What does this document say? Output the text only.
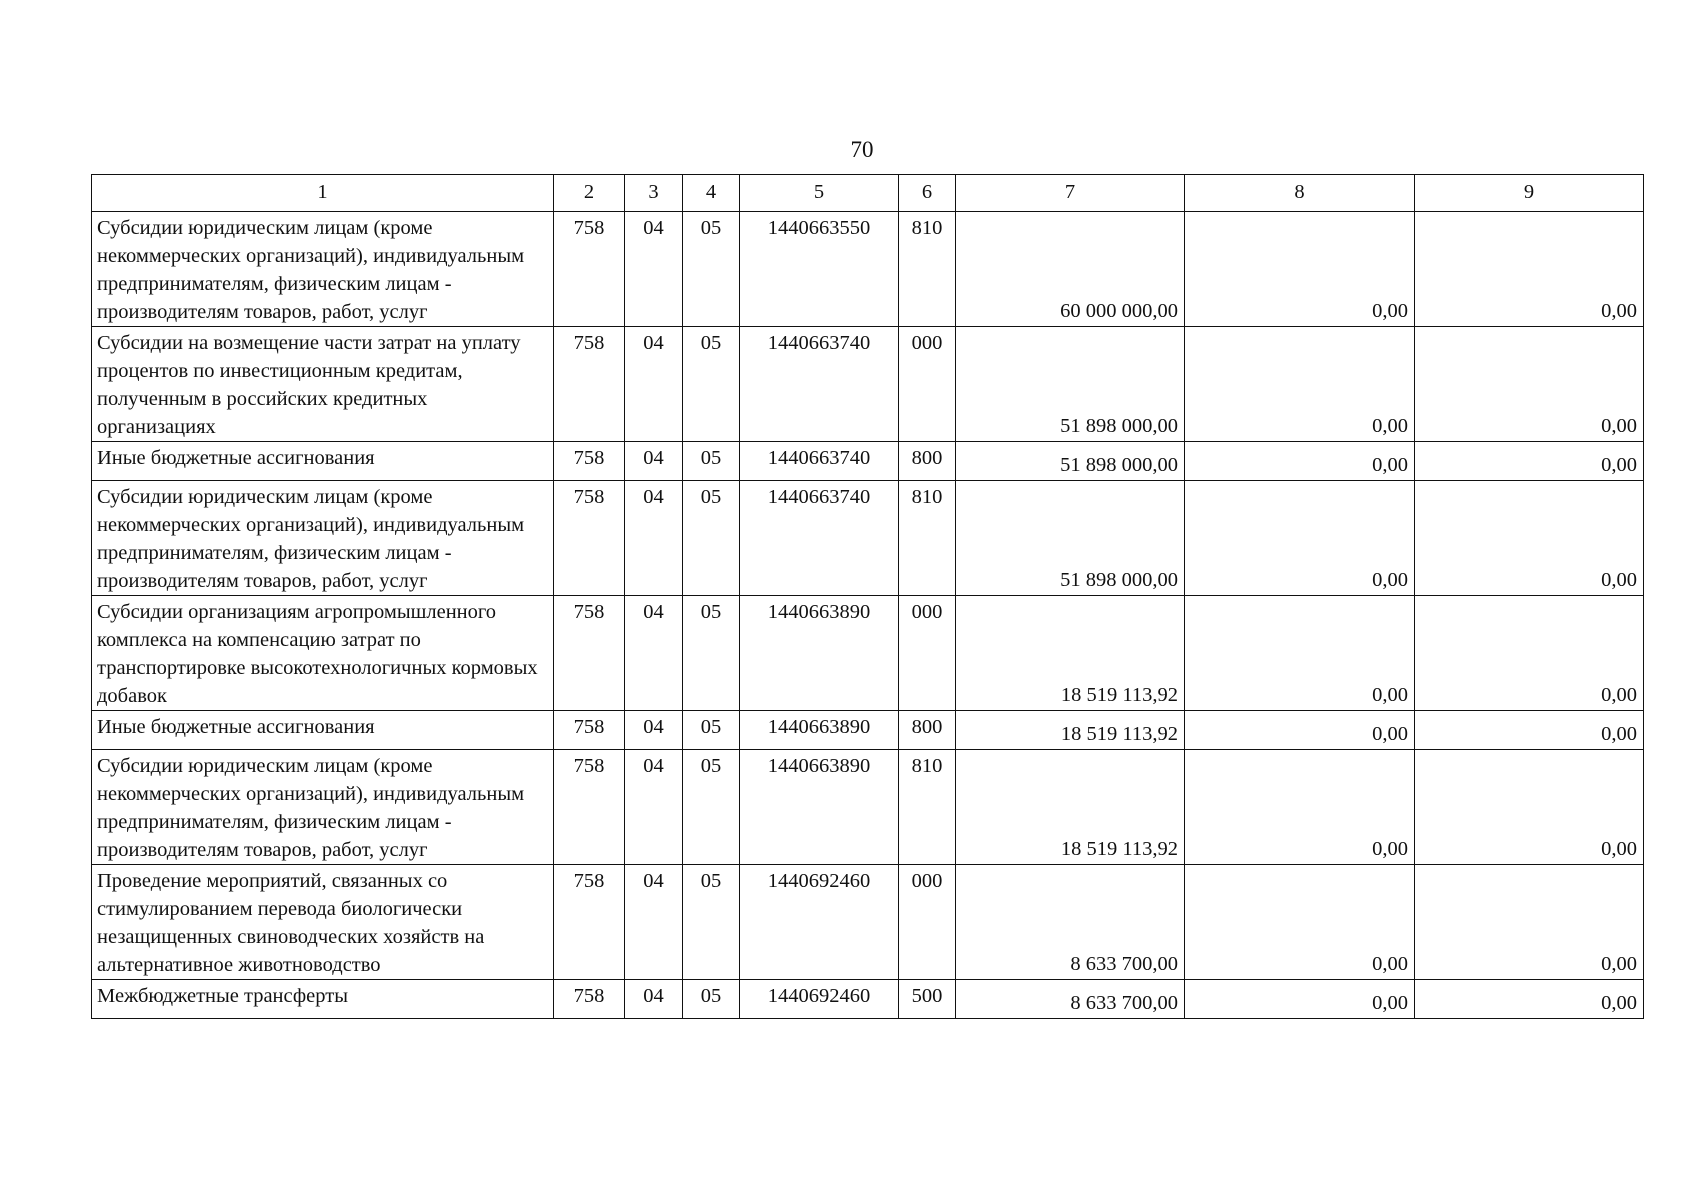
70
1	2	3	4	5	6	7	8	9
Субсидии юридическим лицам (кроме некоммерческих организаций), индивидуальным предпринимателям, физическим лицам - производителям товаров, работ, услуг	758	04	05	1440663550	810	60 000 000,00	0,00	0,00
Субсидии на возмещение части затрат на уплату процентов по инвестиционным кредитам, полученным в российских кредитных организациях	758	04	05	1440663740	000	51 898 000,00	0,00	0,00
Иные бюджетные ассигнования	758	04	05	1440663740	800	51 898 000,00	0,00	0,00
Субсидии юридическим лицам (кроме некоммерческих организаций), индивидуальным предпринимателям, физическим лицам - производителям товаров, работ, услуг	758	04	05	1440663740	810	51 898 000,00	0,00	0,00
Субсидии организациям агропромышленного комплекса на компенсацию затрат по транспортировке высокотехнологичных кормовых добавок	758	04	05	1440663890	000	18 519 113,92	0,00	0,00
Иные бюджетные ассигнования	758	04	05	1440663890	800	18 519 113,92	0,00	0,00
Субсидии юридическим лицам (кроме некоммерческих организаций), индивидуальным предпринимателям, физическим лицам - производителям товаров, работ, услуг	758	04	05	1440663890	810	18 519 113,92	0,00	0,00
Проведение мероприятий, связанных со стимулированием перевода биологически незащищенных свиноводческих хозяйств на альтернативное животноводство	758	04	05	1440692460	000	8 633 700,00	0,00	0,00
Межбюджетные трансферты	758	04	05	1440692460	500	8 633 700,00	0,00	0,00
